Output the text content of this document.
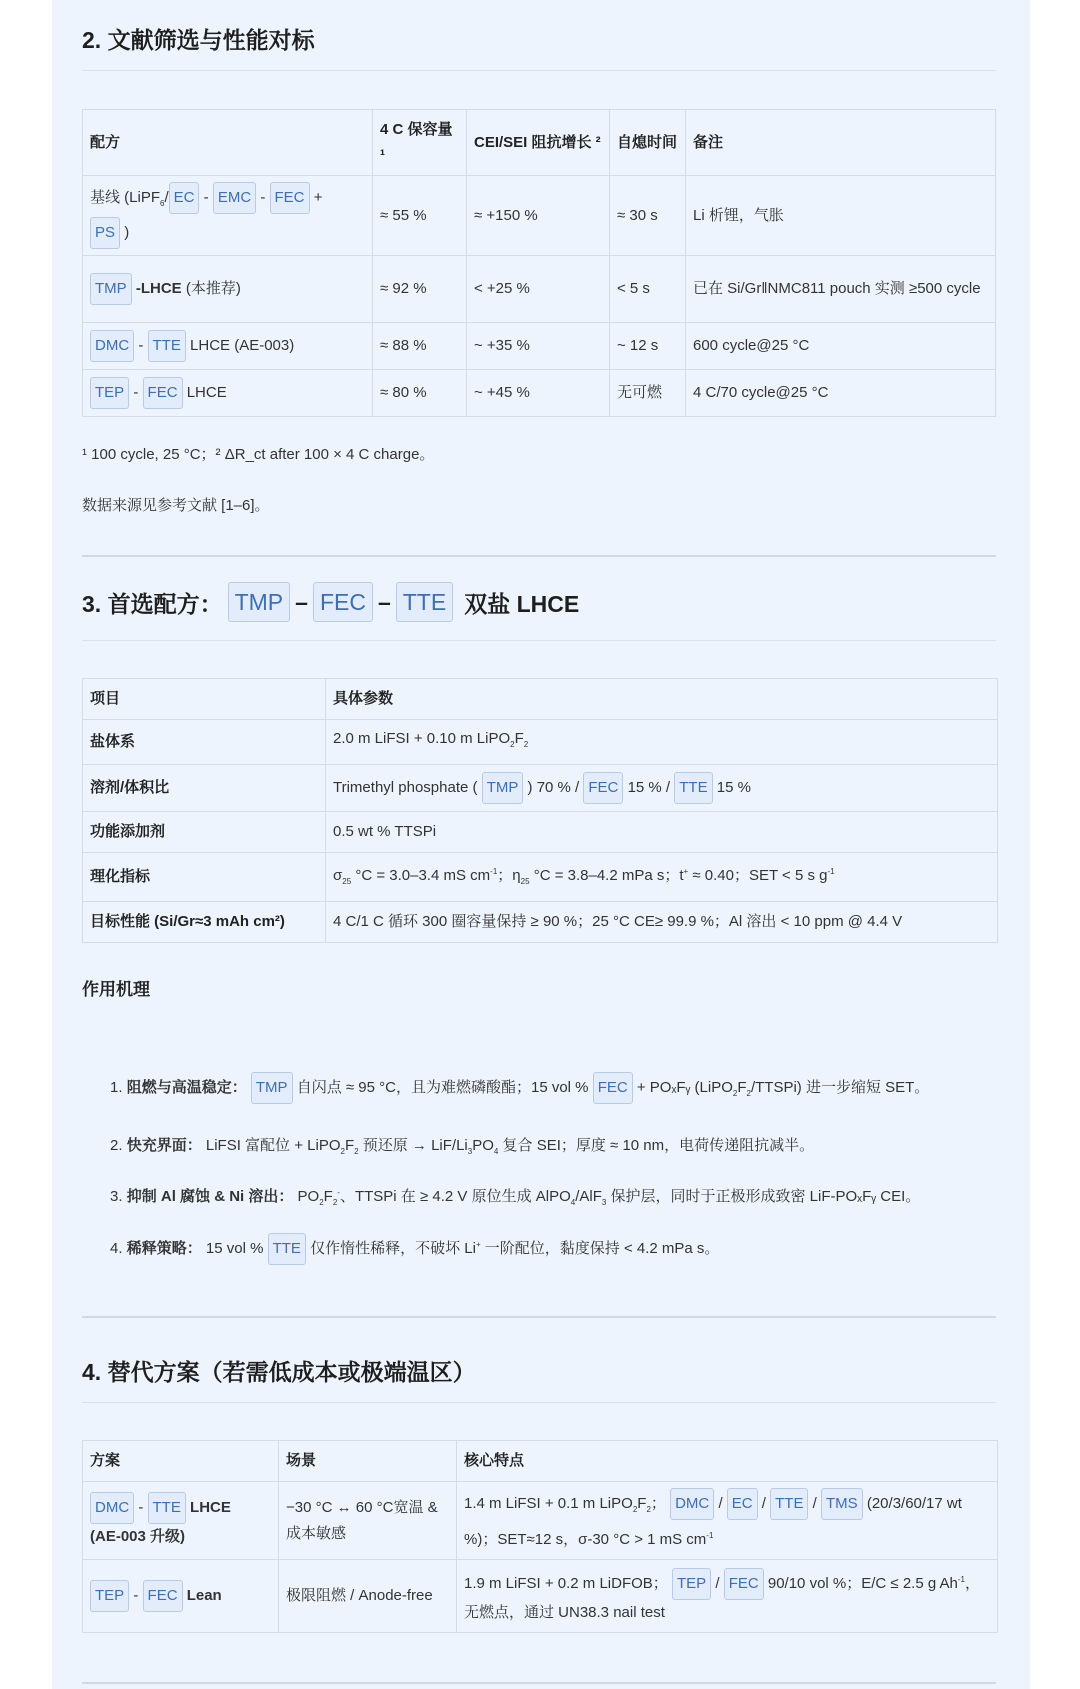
2. 文献筛选与性能对标
配方	4 C 保容量 ¹	CEI/SEI 阻抗增长 ²	自熄时间	备注
基线 (LiPF$_6$/ EC - EMC - FEC +
PS )	≈ 55 %	≈ +150 %	≈ 30 s	Li 析锂，气胀
TMP -LHCE (本推荐)	≈ 92 %	< +25 %	< 5 s	已在 Si/Gr‖NMC811 pouch 实测 ≥500 cycle
DMC - TTE LHCE (AE-003)	≈ 88 %	~ +35 %	~ 12 s	600 cycle@25 °C
TEP - FEC LHCE	≈ 80 %	~ +45 %	无可燃	4 C/70 cycle@25 °C
¹ 100 cycle, 25 °C；² ΔR_ct after 100 × 4 C charge。
数据来源见参考文献 [1–6]。
3. 首选配方： TMP – FEC – TTE 双盐 LHCE
项目	具体参数
盐体系	2.0 m LiFSI + 0.10 m $LiPO_2F_2$
溶剂/体积比	Trimethyl phosphate ( TMP ) 70 % / FEC 15 % / TTE 15 %
功能添加剂	0.5 wt % TTSPi
理化指标	$\sigma_{25}$ °C = 3.0–3.4 mS $cm^{-1}$；$\eta_{25}$ °C = 3.8–4.2 mPa s；t+ ≈ 0.40；SET < 5 s $g^{-1}$
目标性能 (Si/Gr≈3 mAh cm²)	4 C/1 C 循环 300 圈容量保持 ≥ 90 %；25 °C CE≥ 99.9 %；Al 溶出 < 10 ppm @ 4.4 V
作用机理
1. 阻燃与高温稳定： TMP 自闪点 ≈ 95 °C，且为难燃磷酸酯；15 vol % FEC + POₓFᵧ $(LiPO_2F_2/TTSPi)$ 进一步缩短 SET。
2. 快充界面： LiFSI 富配位 + $LiPO_2F_2$ 预还原 → LiF/$Li_3PO_4$ 复合 SEI；厚度 ≈ 10 nm，电荷传递阻抗减半。
3. 抑制 Al 腐蚀 & Ni 溶出： $PO_2F_2^-$、TTSPi 在 ≥ 4.2 V 原位生成 AlPO$_4$/AlF$_3$ 保护层，同时于正极形成致密 LiF-POₓFᵧ CEI。
4. 稀释策略： 15 vol % TTE 仅作惰性稀释，不破坏 Li+ 一阶配位，黏度保持 < 4.2 mPa s。
4. 替代方案（若需低成本或极端温区）
方案	场景	核心特点
DMC - TTE LHCE
(AE-003 升级)	−30 °C ↔ 60 °C宽温 & 成本敏感	1.4 m LiFSI + 0.1 m $LiPO_2F_2$； DMC / EC / TTE / TMS (20/3/60/17 wt %)；SET≈12 s，σ-30 °C > 1 mS $cm^{-1}$
TEP - FEC Lean	极限阻燃 / Anode-free	1.9 m LiFSI + 0.2 m LiDFOB； TEP / FEC 90/10 vol %；E/C ≤ 2.5 g $Ah^{-1}$，无燃点，通过 UN38.3 nail test
